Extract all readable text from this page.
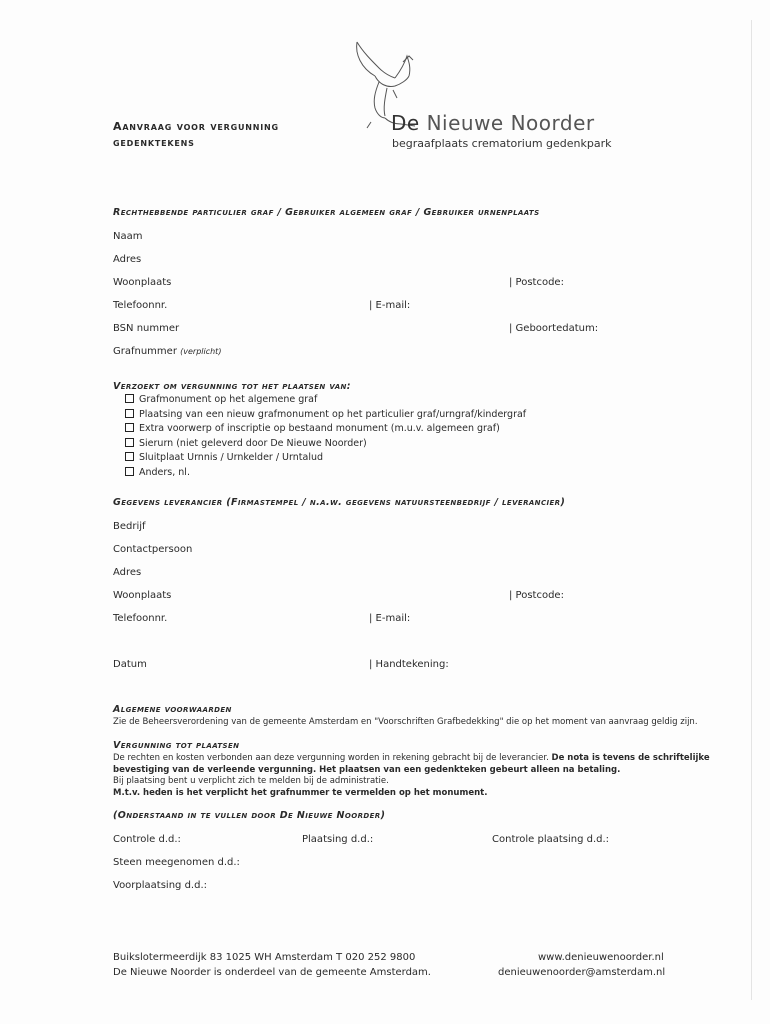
Aanvraag voor vergunning
gedenktekens
De Nieuwe Noorder
begraafplaats crematorium gedenkpark
Rechthebbende particulier graf / Gebruiker algemeen graf / Gebruiker urnenplaats
Naam
Adres
Woonplaats	| Postcode:
Telefoonnr.	| E-mail:
BSN nummer	| Geboortedatum:
Grafnummer (verplicht)
Verzoekt om vergunning tot het plaatsen van:
Grafmonument op het algemene graf
Plaatsing van een nieuw grafmonument op het particulier graf/urngraf/kindergraf
Extra voorwerp of inscriptie op bestaand monument (m.u.v. algemeen graf)
Sierurn (niet geleverd door De Nieuwe Noorder)
Sluitplaat Urnnis / Urnkelder / Urntalud
Anders, nl.
Gegevens leverancier (Firmastempel / n.a.w. gegevens natuursteenbedrijf / leverancier)
Bedrijf
Contactpersoon
Adres
Woonplaats	| Postcode:
Telefoonnr.	| E-mail:
Datum	| Handtekening:
Algemene voorwaarden
Zie de Beheersverordening van de gemeente Amsterdam en "Voorschriften Grafbedekking" die op het moment van aanvraag geldig zijn.
Vergunning tot plaatsen
De rechten en kosten verbonden aan deze vergunning worden in rekening gebracht bij de leverancier. De nota is tevens de schriftelijke
bevestiging van de verleende vergunning. Het plaatsen van een gedenkteken gebeurt alleen na betaling.
Bij plaatsing bent u verplicht zich te melden bij de administratie.
M.t.v. heden is het verplicht het grafnummer te vermelden op het monument.
(Onderstaand in te vullen door De Nieuwe Noorder)
Controle d.d.:	Plaatsing d.d.:	Controle plaatsing d.d.:
Steen meegenomen d.d.:
Voorplaatsing d.d.:
Buikslotermeerdijk 83 1025 WH Amsterdam T 020 252 9800
De Nieuwe Noorder is onderdeel van de gemeente Amsterdam.
www.denieuwenoorder.nl
denieuwenoorder@amsterdam.nl
